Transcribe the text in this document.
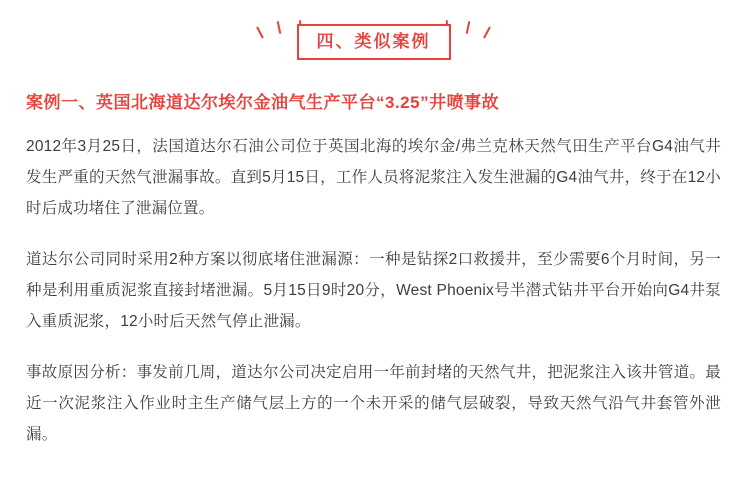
四、类似案例
案例一、英国北海道达尔埃尔金油气生产平台“3.25”井喷事故

2012年3月25日，法国道达尔石油公司位于英国北海的埃尔金/弗兰克林天然气田生产平台G4油气井发生严重的天然气泄漏事故。直到5月15日，工作人员将泥浆注入发生泄漏的G4油气井，终于在12小时后成功堵住了泄漏位置。

道达尔公司同时采用2种方案以彻底堵住泄漏源：一种是钻探2口救援井，至少需要6个月时间，另一种是利用重质泥浆直接封堵泄漏。5月15日9时20分，West Phoenix号半潜式钻井平台开始向G4井泵入重质泥浆，12小时后天然气停止泄漏。

事故原因分析：事发前几周，道达尔公司决定启用一年前封堵的天然气井，把泥浆注入该井管道。最近一次泥浆注入作业时主生产储气层上方的一个未开采的储气层破裂，导致天然气沿气井套管外泄漏。
